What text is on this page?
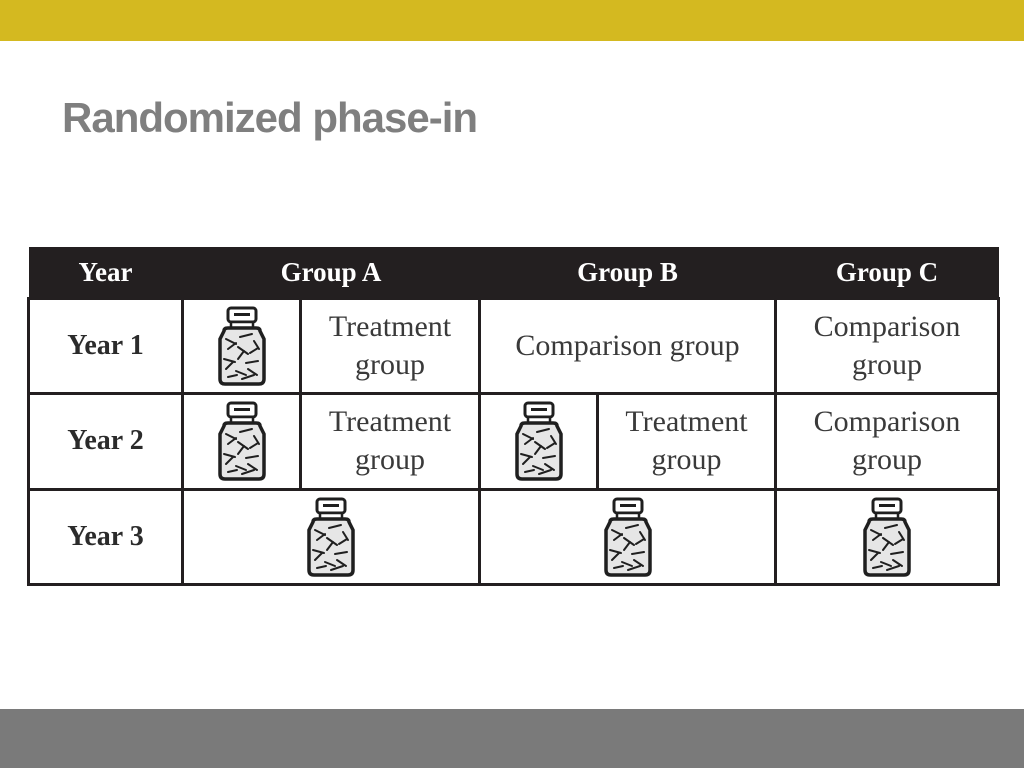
Randomized phase-in
Year	Group A	Group B	Group C
Year 1	Treatment group	Comparison group	Comparison group
Year 2	Treatment group	Treatment group	Comparison group
Year 3	
